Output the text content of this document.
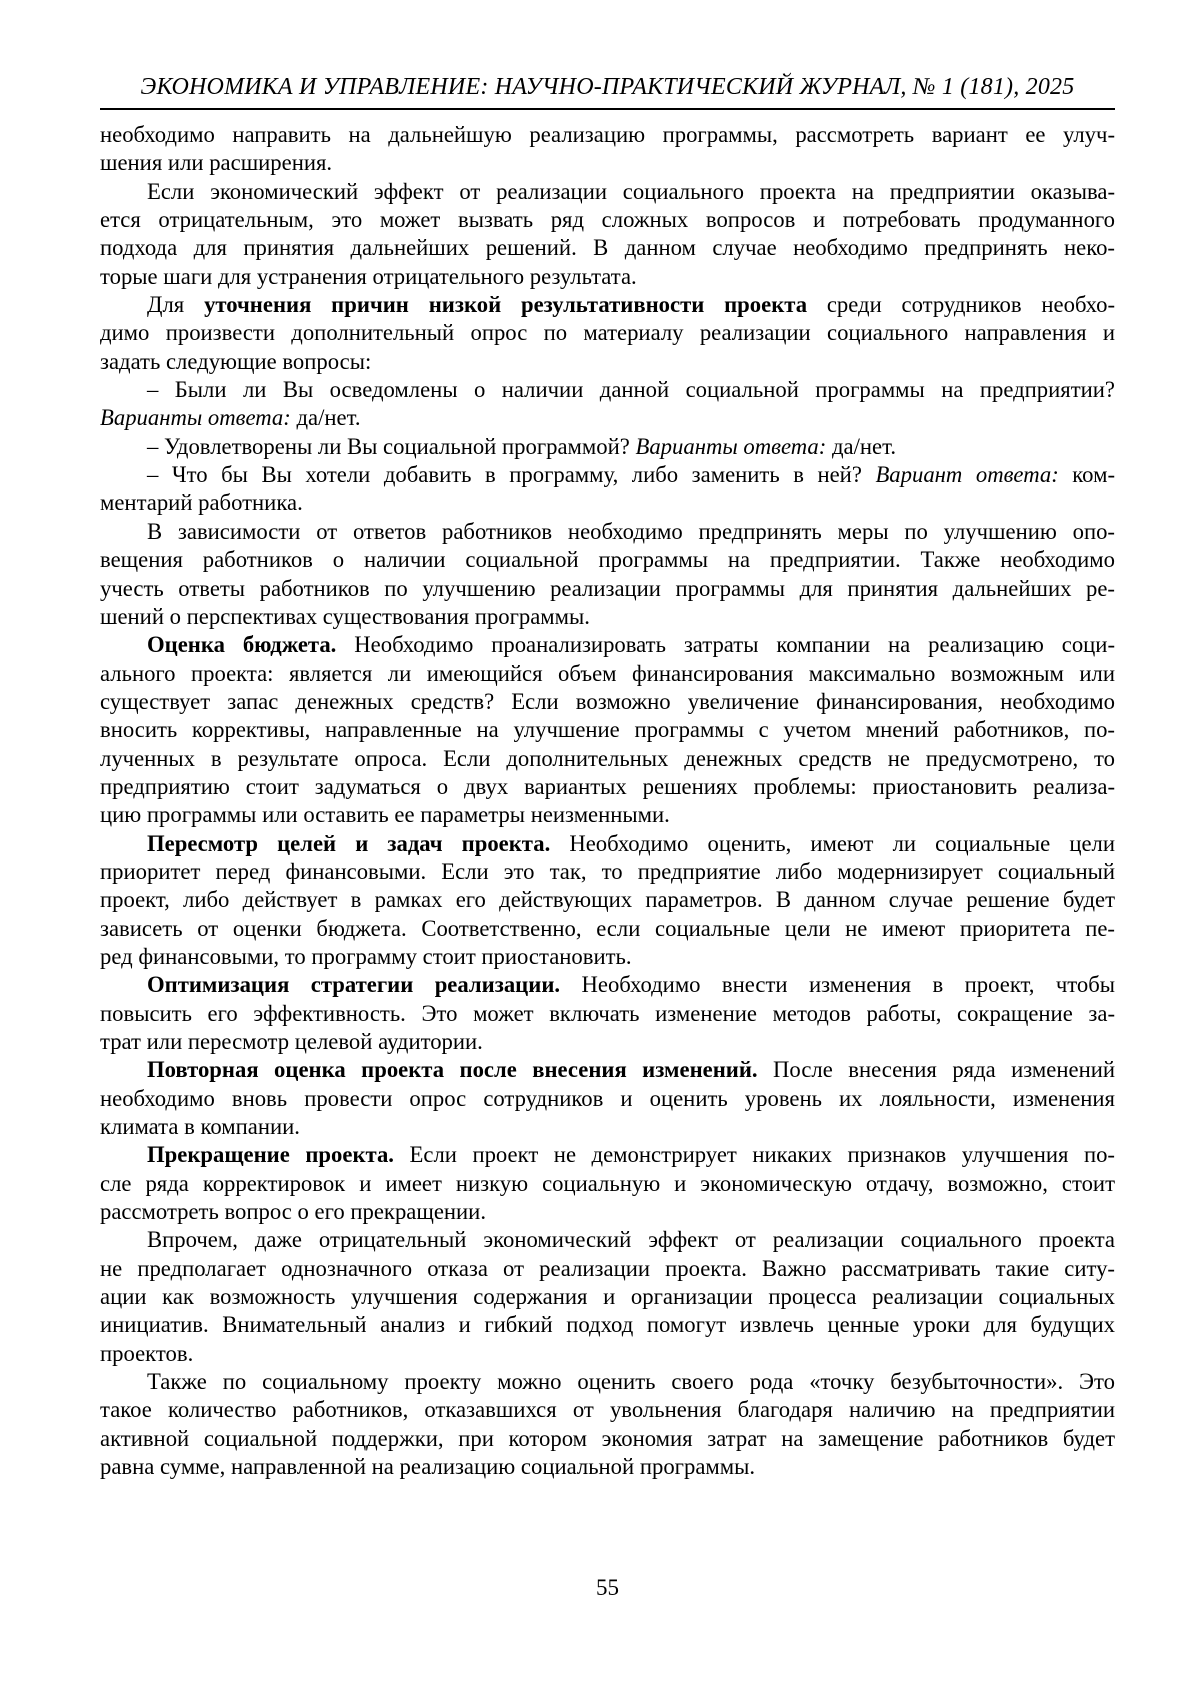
ЭКОНОМИКА И УПРАВЛЕНИЕ: НАУЧНО-ПРАКТИЧЕСКИЙ ЖУРНАЛ, № 1 (181), 2025
необходимо направить на дальнейшую реализацию программы, рассмотреть вариант ее улуч-
шения или расширения.
Если экономический эффект от реализации социального проекта на предприятии оказыва-
ется отрицательным, это может вызвать ряд сложных вопросов и потребовать продуманного
подхода для принятия дальнейших решений. В данном случае необходимо предпринять неко-
торые шаги для устранения отрицательного результата.
Для уточнения причин низкой результативности проекта среди сотрудников необхо-
димо произвести дополнительный опрос по материалу реализации социального направления и
задать следующие вопросы:
– Были ли Вы осведомлены о наличии данной социальной программы на предприятии?
Варианты ответа: да/нет.
– Удовлетворены ли Вы социальной программой? Варианты ответа: да/нет.
– Что бы Вы хотели добавить в программу, либо заменить в ней? Вариант ответа: ком-
ментарий работника.
В зависимости от ответов работников необходимо предпринять меры по улучшению опо-
вещения работников о наличии социальной программы на предприятии. Также необходимо
учесть ответы работников по улучшению реализации программы для принятия дальнейших ре-
шений о перспективах существования программы.
Оценка бюджета. Необходимо проанализировать затраты компании на реализацию соци-
ального проекта: является ли имеющийся объем финансирования максимально возможным или
существует запас денежных средств? Если возможно увеличение финансирования, необходимо
вносить коррективы, направленные на улучшение программы с учетом мнений работников, по-
лученных в результате опроса. Если дополнительных денежных средств не предусмотрено, то
предприятию стоит задуматься о двух вариантых решениях проблемы: приостановить реализа-
цию программы или оставить ее параметры неизменными.
Пересмотр целей и задач проекта. Необходимо оценить, имеют ли социальные цели
приоритет перед финансовыми. Если это так, то предприятие либо модернизирует социальный
проект, либо действует в рамках его действующих параметров. В данном случае решение будет
зависеть от оценки бюджета. Соответственно, если социальные цели не имеют приоритета пе-
ред финансовыми, то программу стоит приостановить.
Оптимизация стратегии реализации. Необходимо внести изменения в проект, чтобы
повысить его эффективность. Это может включать изменение методов работы, сокращение за-
трат или пересмотр целевой аудитории.
Повторная оценка проекта после внесения изменений. После внесения ряда изменений
необходимо вновь провести опрос сотрудников и оценить уровень их лояльности, изменения
климата в компании.
Прекращение проекта. Если проект не демонстрирует никаких признаков улучшения по-
сле ряда корректировок и имеет низкую социальную и экономическую отдачу, возможно, стоит
рассмотреть вопрос о его прекращении.
Впрочем, даже отрицательный экономический эффект от реализации социального проекта
не предполагает однозначного отказа от реализации проекта. Важно рассматривать такие ситу-
ации как возможность улучшения содержания и организации процесса реализации социальных
инициатив. Внимательный анализ и гибкий подход помогут извлечь ценные уроки для будущих
проектов.
Также по социальному проекту можно оценить своего рода «точку безубыточности». Это
такое количество работников, отказавшихся от увольнения благодаря наличию на предприятии
активной социальной поддержки, при котором экономия затрат на замещение работников будет
равна сумме, направленной на реализацию социальной программы.
55
